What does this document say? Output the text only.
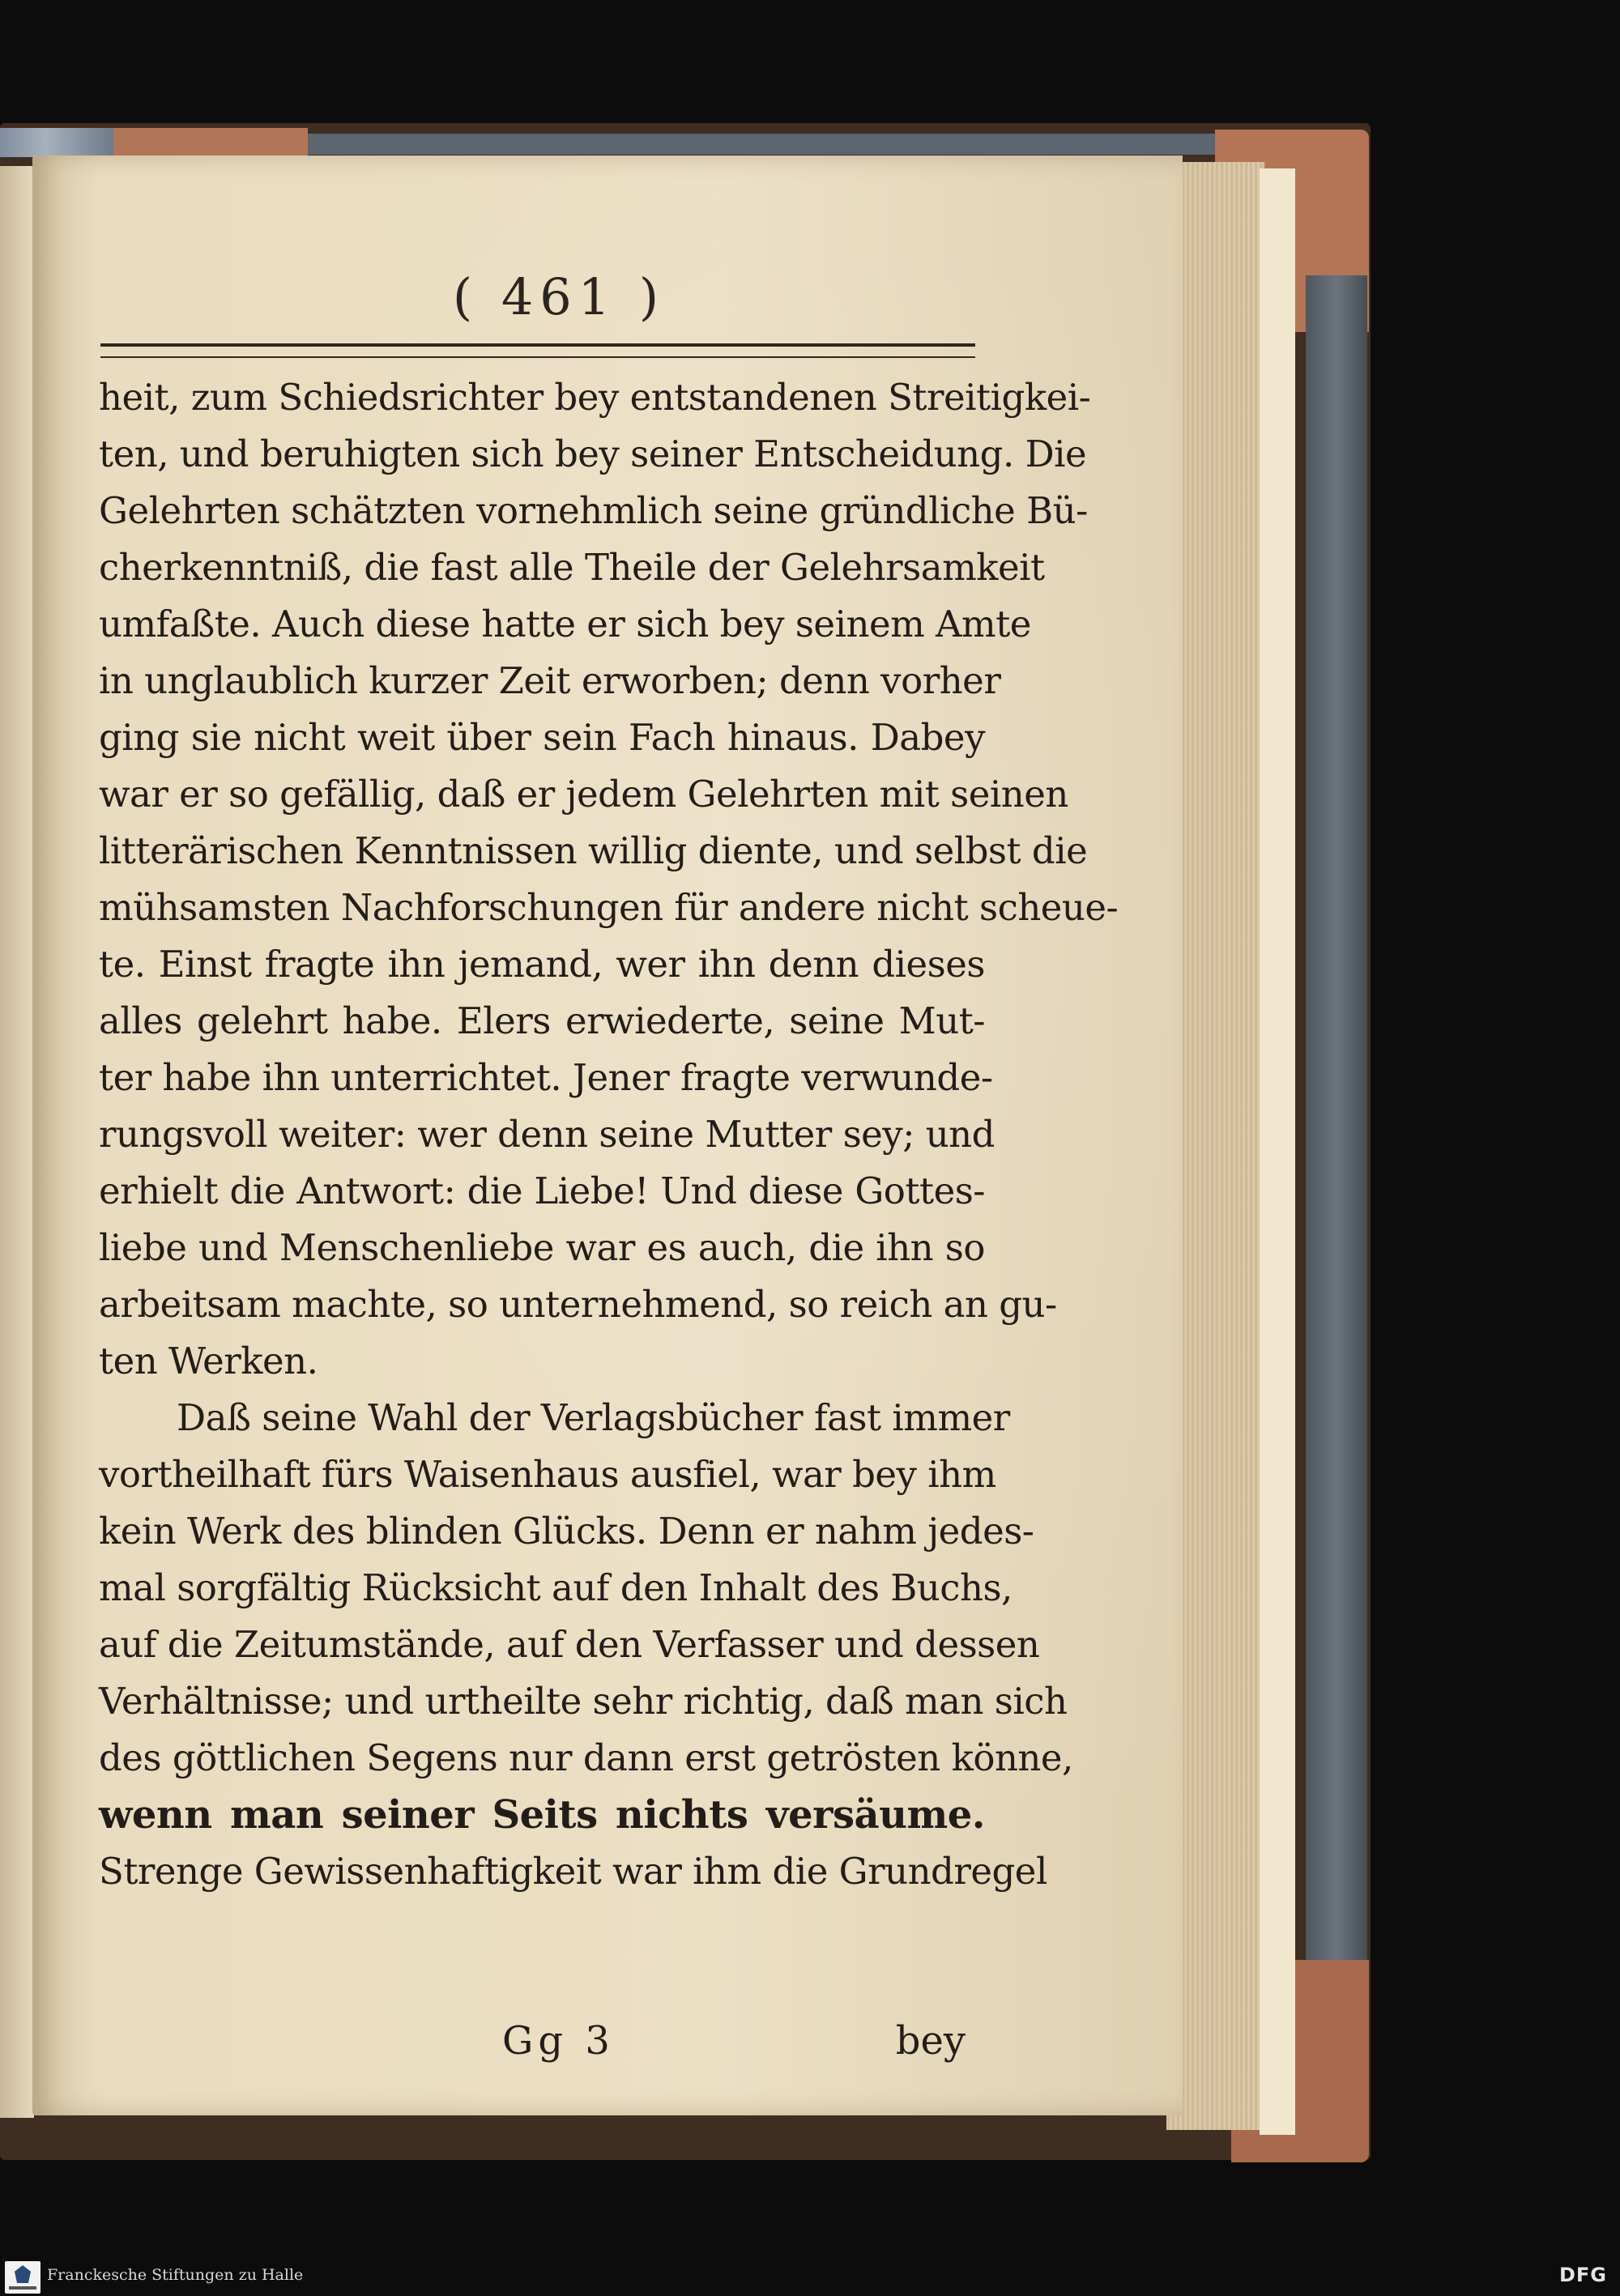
( 461 )
heit, zum Schiedsrichter bey entstandenen Streitigkei-
ten, und beruhigten sich bey seiner Entscheidung. Die
Gelehrten schätzten vornehmlich seine gründliche Bü-
cherkenntniß, die fast alle Theile der Gelehrsamkeit
umfaßte. Auch diese hatte er sich bey seinem Amte
in unglaublich kurzer Zeit erworben; denn vorher
ging sie nicht weit über sein Fach hinaus. Dabey
war er so gefällig, daß er jedem Gelehrten mit seinen
litterärischen Kenntnissen willig diente, und selbst die
mühsamsten Nachforschungen für andere nicht scheue-
te. Einst fragte ihn jemand, wer ihn denn dieses
alles gelehrt habe. Elers erwiederte, seine Mut-
ter habe ihn unterrichtet. Jener fragte verwunde-
rungsvoll weiter: wer denn seine Mutter sey; und
erhielt die Antwort: die Liebe! Und diese Gottes-
liebe und Menschenliebe war es auch, die ihn so
arbeitsam machte, so unternehmend, so reich an gu-
ten Werken.
Daß seine Wahl der Verlagsbücher fast immer
vortheilhaft fürs Waisenhaus ausfiel, war bey ihm
kein Werk des blinden Glücks. Denn er nahm jedes-
mal sorgfältig Rücksicht auf den Inhalt des Buchs,
auf die Zeitumstände, auf den Verfasser und dessen
Verhältnisse; und urtheilte sehr richtig, daß man sich
des göttlichen Segens nur dann erst getrösten könne,
wenn man seiner Seits nichts versäume.
Strenge Gewissenhaftigkeit war ihm die Grundregel
Gg 3	bey
Franckesche Stiftungen zu Halle	DFG
